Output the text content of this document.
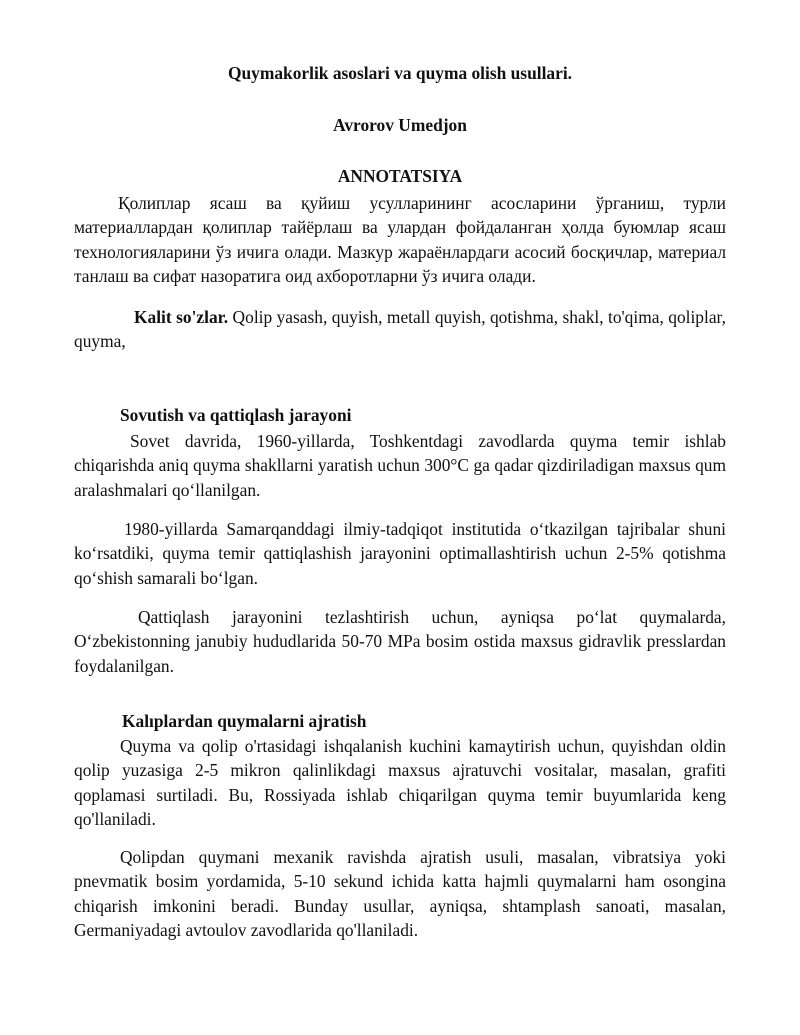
Quymakorlik asoslari va quyma olish usullari.

Avrorov Umedjon

ANNOTATSIYA

Қолиплар ясаш ва қуйиш усулларининг асосларини ўрганиш, турли материаллардан қолиплар тайёрлаш ва улардан фойдаланган ҳолда буюмлар ясаш технологияларини ўз ичига олади. Мазкур жараёнлардаги асосий босқичлар, материал танлаш ва сифат назоратига оид ахборотларни ўз ичига олади.

Kalit so'zlar. Qolip yasash, quyish, metall quyish, qotishma, shakl, to'qima, qoliplar, quyma,

Sovutish va qattiqlash jarayoni

Sovet davrida, 1960-yillarda, Toshkentdagi zavodlarda quyma temir ishlab chiqarishda aniq quyma shakllarni yaratish uchun 300°C ga qadar qizdiriladigan maxsus qum aralashmalari qo‘llanilgan.

1980-yillarda Samarqanddagi ilmiy-tadqiqot institutida o‘tkazilgan tajribalar shuni ko‘rsatdiki, quyma temir qattiqlashish jarayonini optimallashtirish uchun 2-5% qotishma qo‘shish samarali bo‘lgan.

Qattiqlash jarayonini tezlashtirish uchun, ayniqsa po‘lat quymalarda, O‘zbekistonning janubiy hududlarida 50-70 MPa bosim ostida maxsus gidravlik presslardan foydalanilgan.

Kalıplardan quymalarni ajratish

Quyma va qolip o'rtasidagi ishqalanish kuchini kamaytirish uchun, quyishdan oldin qolip yuzasiga 2-5 mikron qalinlikdagi maxsus ajratuvchi vositalar, masalan, grafiti qoplamasi surtiladi. Bu, Rossiyada ishlab chiqarilgan quyma temir buyumlarida keng qo'llaniladi.

Qolipdan quymani mexanik ravishda ajratish usuli, masalan, vibratsiya yoki pnevmatik bosim yordamida, 5-10 sekund ichida katta hajmli quymalarni ham osongina chiqarish imkonini beradi. Bunday usullar, ayniqsa, shtamplash sanoati, masalan, Germaniyadagi avtoulov zavodlarida qo'llaniladi.
